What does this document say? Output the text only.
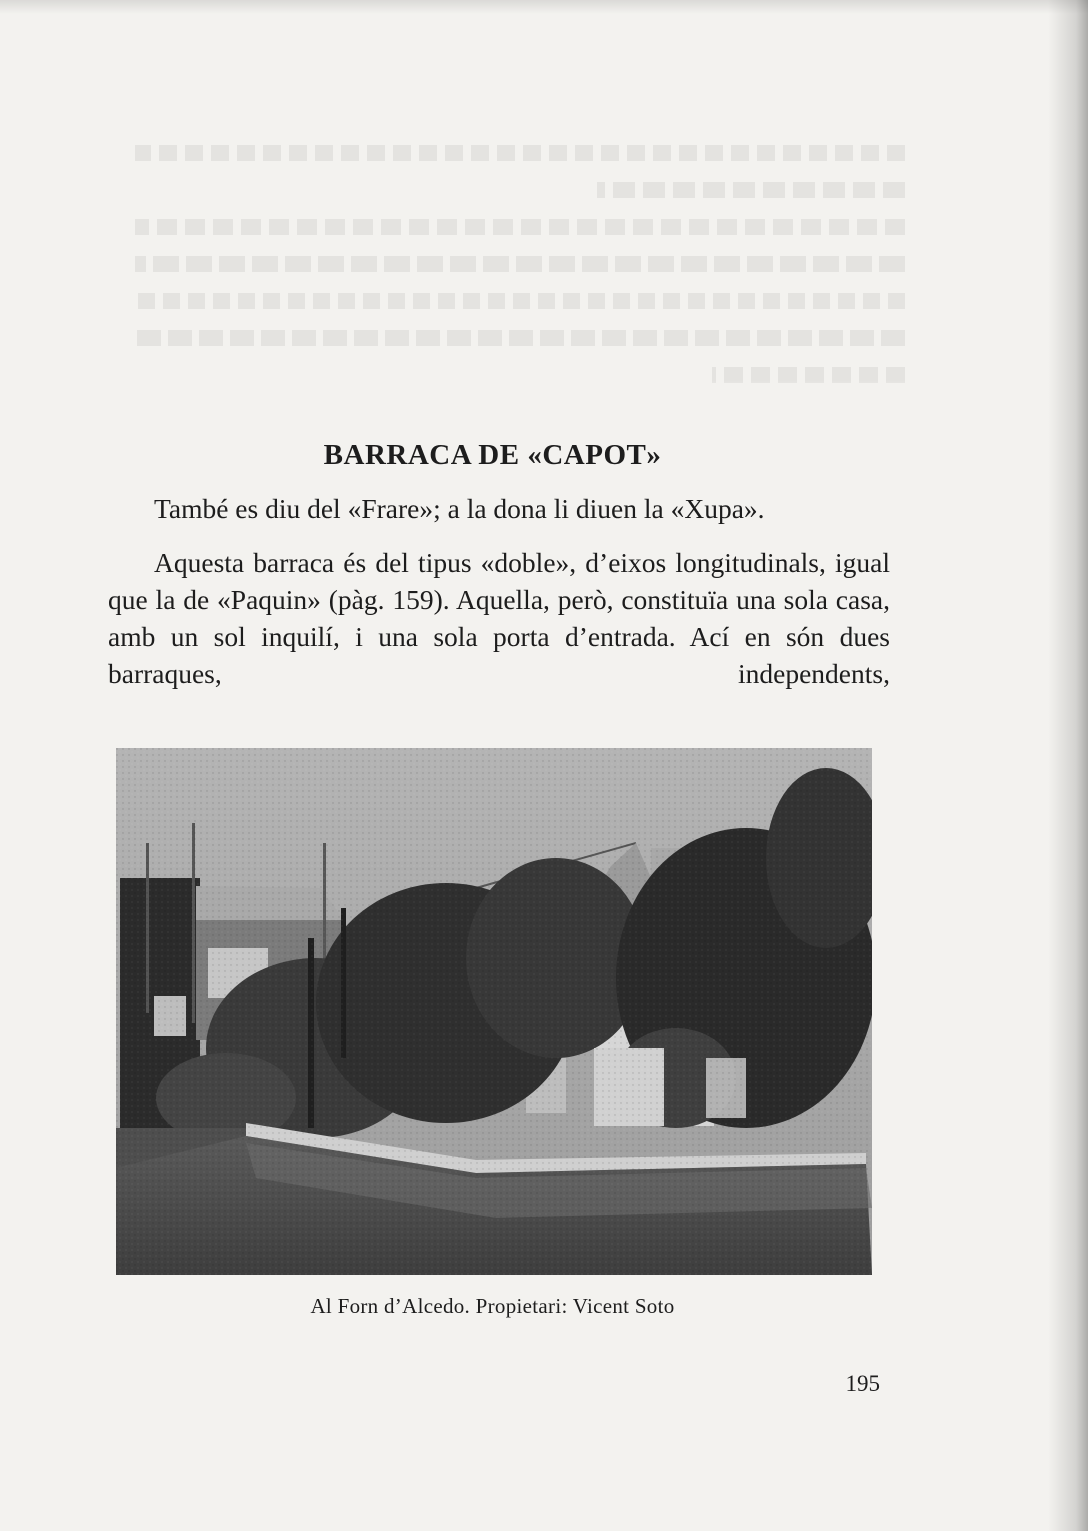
BARRACA DE «CAPOT»

També es diu del «Frare»; a la dona li diuen la «Xupa».

Aquesta barraca és del tipus «doble», d’eixos longitudinals, igual que la de «Paquin» (pàg. 159). Aquella, però, constituïa una sola casa, amb un sol inquilí, i una sola porta d’entrada. Ací en són dues barraques, independents,

Al Forn d’Alcedo. Propietari: Vicent Soto
195
